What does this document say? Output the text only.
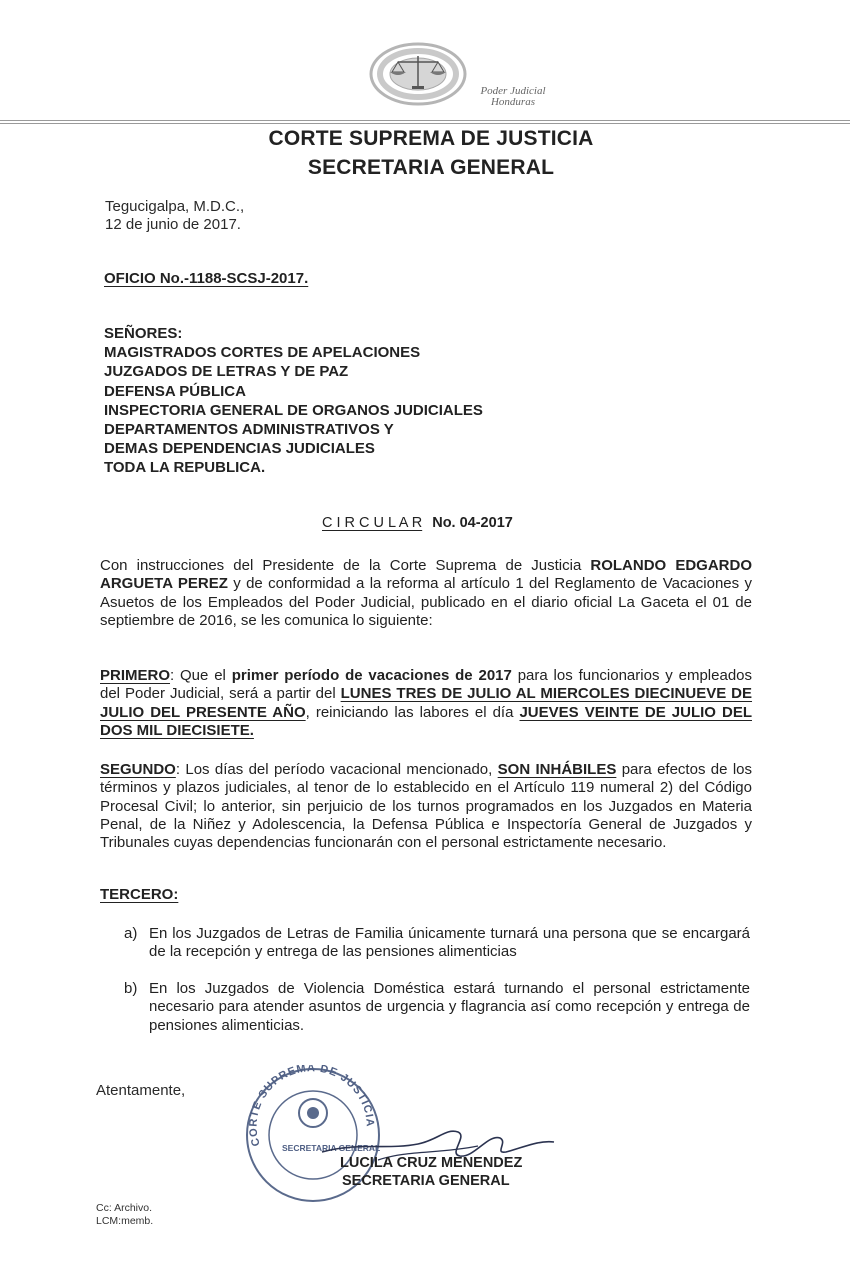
Poder Judicial
Honduras
CORTE SUPREMA DE JUSTICIA
SECRETARIA GENERAL
Tegucigalpa, M.D.C.,
12 de junio de 2017.
OFICIO No.-1188-SCSJ-2017.
SEÑORES:
MAGISTRADOS CORTES DE APELACIONES
JUZGADOS DE LETRAS Y DE PAZ
DEFENSA PÚBLICA
INSPECTORIA GENERAL DE ORGANOS JUDICIALES
DEPARTAMENTOS ADMINISTRATIVOS Y
DEMAS DEPENDENCIAS JUDICIALES
TODA LA REPUBLICA.
C I R C U L A R No. 04-2017
Con instrucciones del Presidente de la Corte Suprema de Justicia ROLANDO EDGARDO ARGUETA PEREZ y de conformidad a la reforma al artículo 1 del Reglamento de Vacaciones y Asuetos de los Empleados del Poder Judicial, publicado en el diario oficial La Gaceta el 01 de septiembre de 2016, se les comunica lo siguiente:
PRIMERO: Que el primer período de vacaciones de 2017 para los funcionarios y empleados del Poder Judicial, será a partir del LUNES TRES DE JULIO AL MIERCOLES DIECINUEVE DE JULIO DEL PRESENTE AÑO, reiniciando las labores el día JUEVES VEINTE DE JULIO DEL DOS MIL DIECISIETE.
SEGUNDO: Los días del período vacacional mencionado, SON INHÁBILES para efectos de los términos y plazos judiciales, al tenor de lo establecido en el Artículo 119 numeral 2) del Código Procesal Civil; lo anterior, sin perjuicio de los turnos programados en los Juzgados en Materia Penal, de la Niñez y Adolescencia, la Defensa Pública e Inspectoría General de Juzgados y Tribunales cuyas dependencias funcionarán con el personal estrictamente necesario.
TERCERO:
a) En los Juzgados de Letras de Familia únicamente turnará una persona que se encargará de la recepción y entrega de las pensiones alimenticias
b) En los Juzgados de Violencia Doméstica estará turnando el personal estrictamente necesario para atender asuntos de urgencia y flagrancia así como recepción y entrega de pensiones alimenticias.
Atentamente,
CORTE SUPREMA DE JUSTICIA
SECRETARIA GENERAL
LUCILA CRUZ MENENDEZ
SECRETARIA GENERAL
Cc: Archivo.
LCM:memb.
